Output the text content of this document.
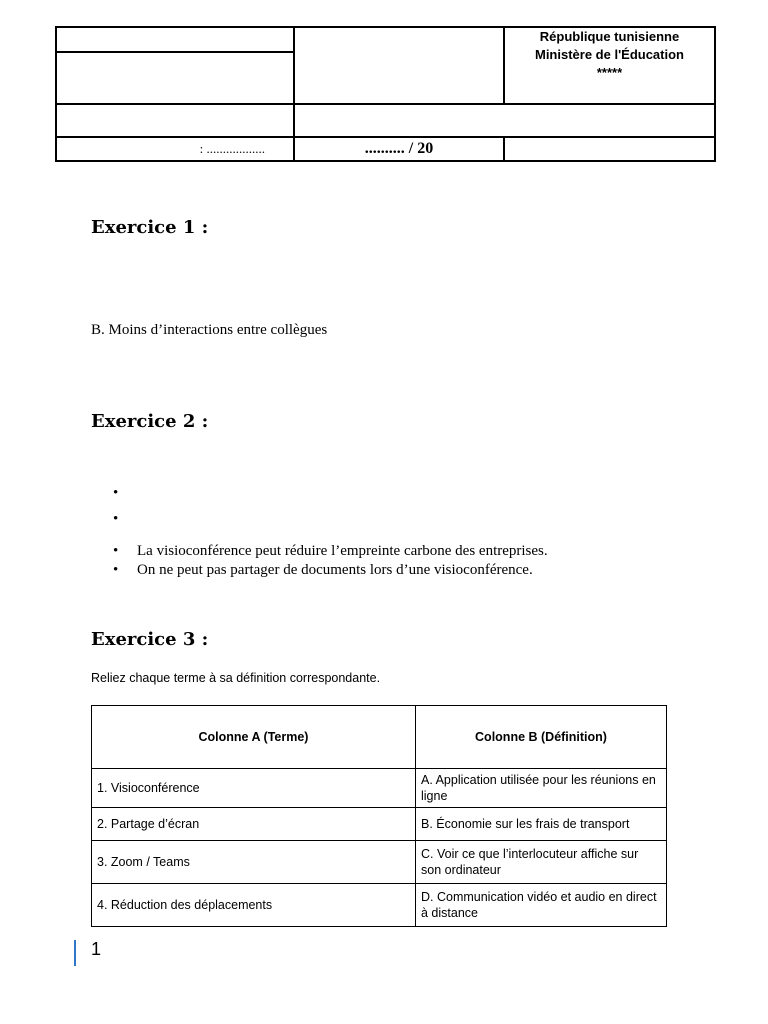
		République tunisienne
Ministère de l'Éducation
*****

: ..................	.......... / 20	
Exercice 1 :

B. Moins d’interactions entre collègues

Exercice 2 :
•
•
• La visioconférence peut réduire l’empreinte carbone des entreprises.
• On ne peut pas partager de documents lors d’une visioconférence.
Exercice 3 :

Reliez chaque terme à sa définition correspondante.

Colonne A (Terme)	Colonne B (Définition)
1. Visioconférence	A. Application utilisée pour les réunions en ligne
2. Partage d’écran	B. Économie sur les frais de transport
3. Zoom / Teams	C. Voir ce que l’interlocuteur affiche sur son ordinateur
4. Réduction des déplacements	D. Communication vidéo et audio en direct à distance

1
